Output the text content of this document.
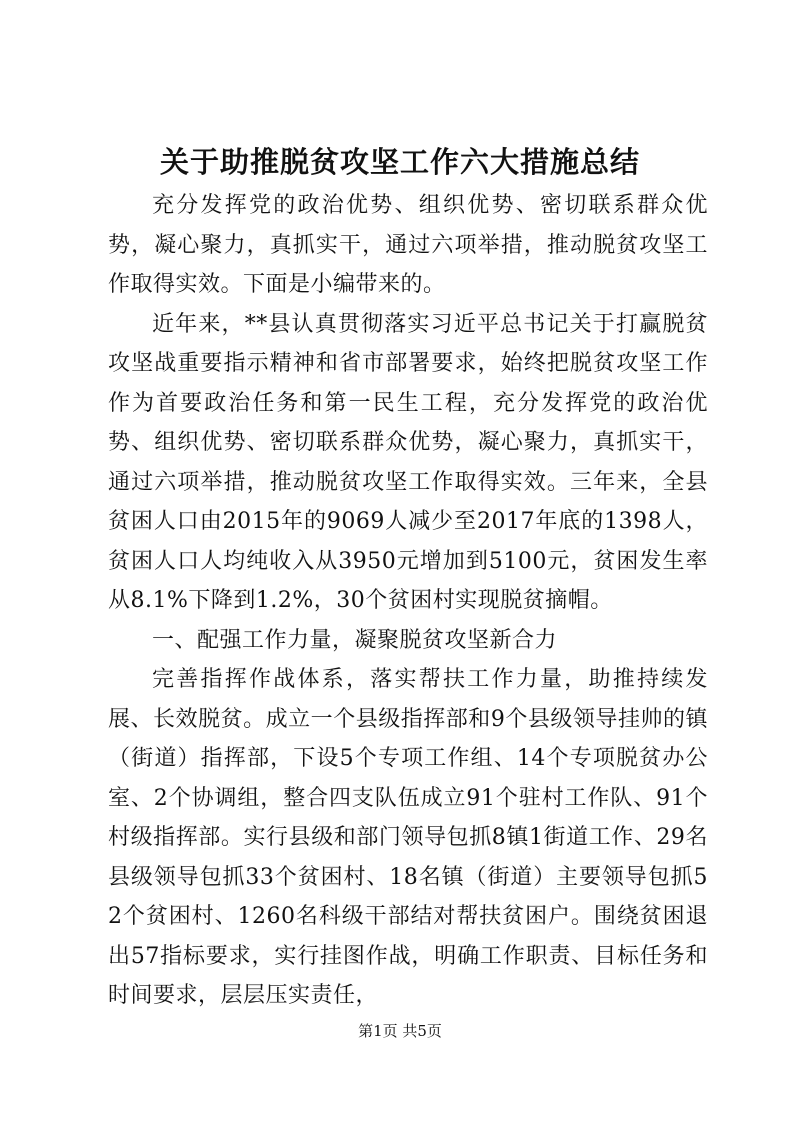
关于助推脱贫攻坚工作六大措施总结

充分发挥党的政治优势、组织优势、密切联系群众优势，凝心聚力，真抓实干，通过六项举措，推动脱贫攻坚工作取得实效。下面是小编带来的。

近年来，**县认真贯彻落实习近平总书记关于打赢脱贫攻坚战重要指示精神和省市部署要求，始终把脱贫攻坚工作作为首要政治任务和第一民生工程，充分发挥党的政治优势、组织优势、密切联系群众优势，凝心聚力，真抓实干，通过六项举措，推动脱贫攻坚工作取得实效。三年来，全县贫困人口由2015年的9069人减少至2017年底的1398人，贫困人口人均纯收入从3950元增加到5100元，贫困发生率从8.1%下降到1.2%，30个贫困村实现脱贫摘帽。

一、配强工作力量，凝聚脱贫攻坚新合力

完善指挥作战体系，落实帮扶工作力量，助推持续发展、长效脱贫。成立一个县级指挥部和9个县级领导挂帅的镇（街道）指挥部，下设5个专项工作组、14个专项脱贫办公室、2个协调组，整合四支队伍成立91个驻村工作队、91个村级指挥部。实行县级和部门领导包抓8镇1街道工作、29名县级领导包抓33个贫困村、18名镇（街道）主要领导包抓52个贫困村、1260名科级干部结对帮扶贫困户。围绕贫困退出57指标要求，实行挂图作战，明确工作职责、目标任务和时间要求，层层压实责任，

第1页 共5页
